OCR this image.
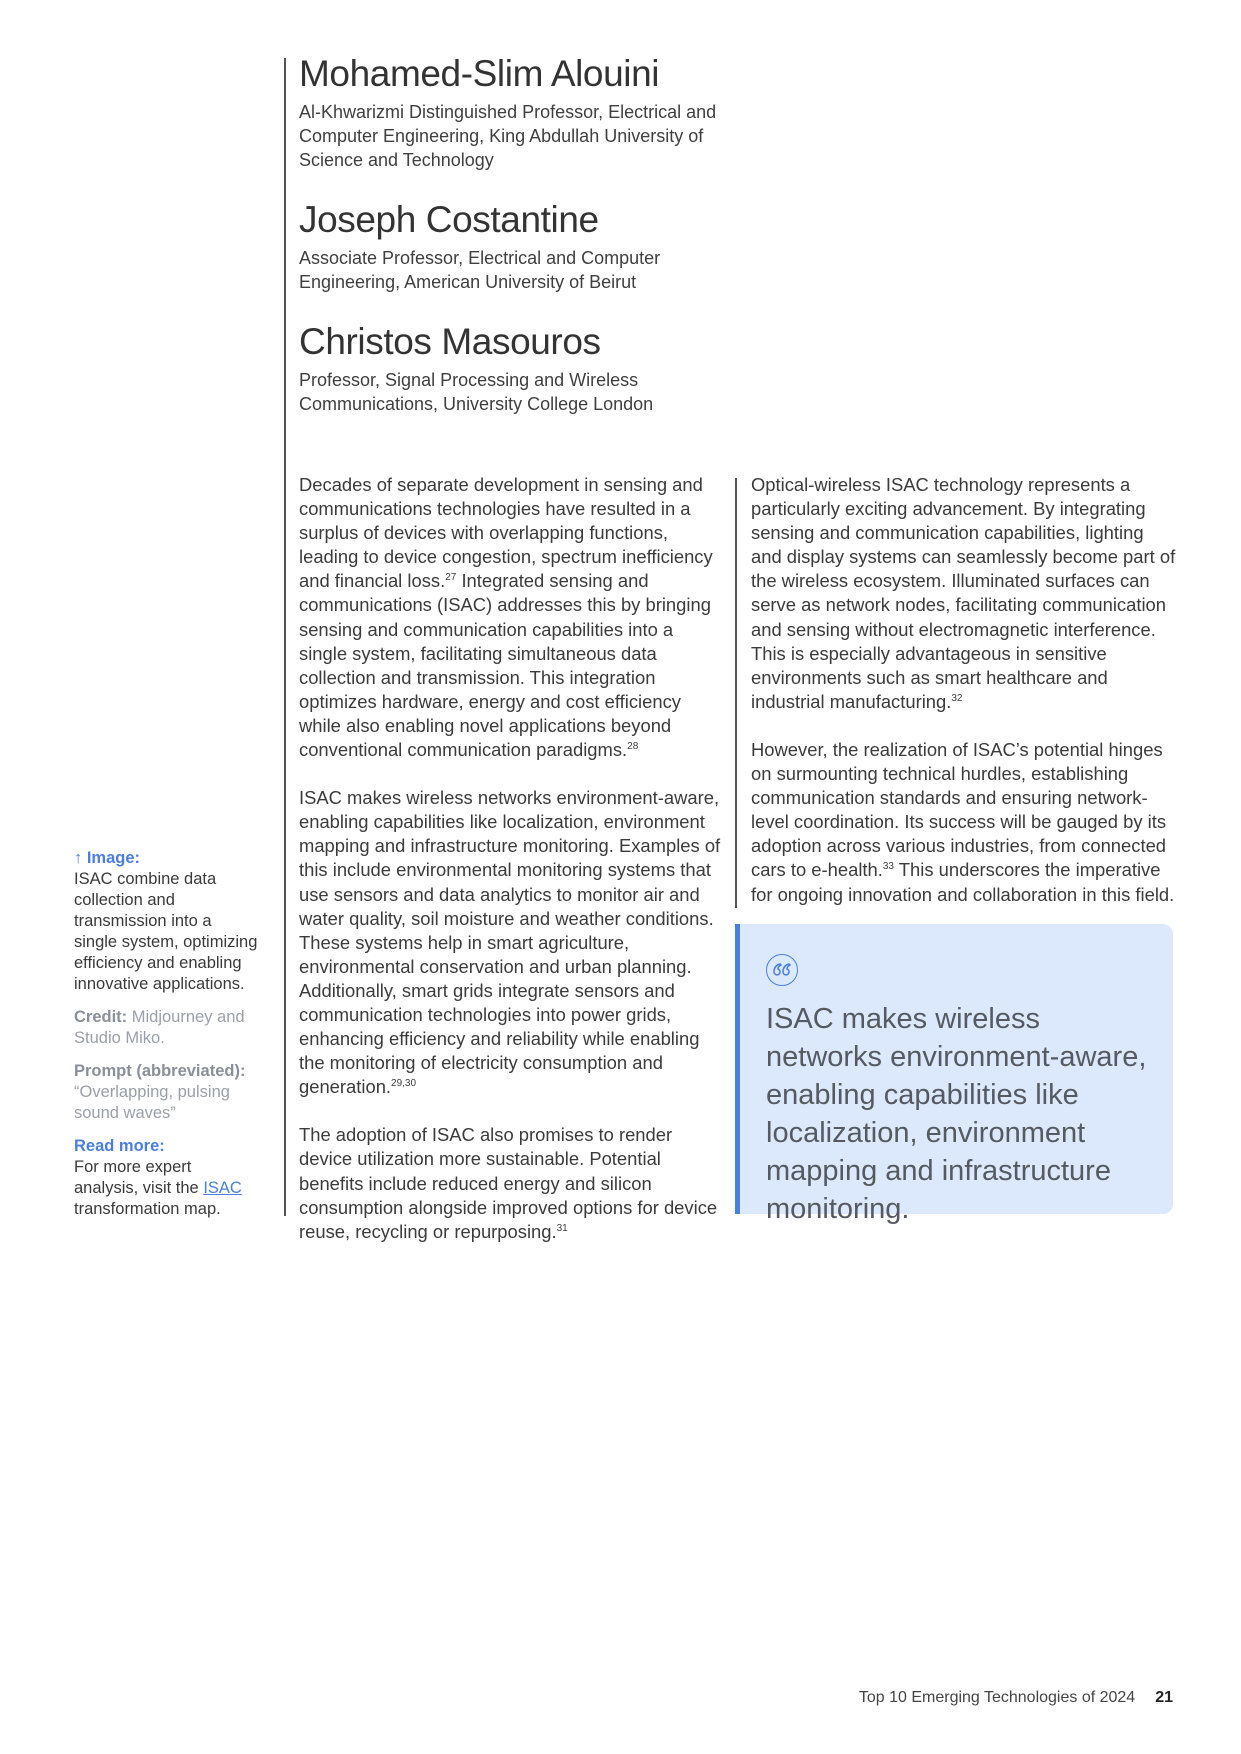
Mohamed-Slim Alouini
Al-Khwarizmi Distinguished Professor, Electrical and Computer Engineering, King Abdullah University of Science and Technology
Joseph Costantine
Associate Professor, Electrical and Computer Engineering, American University of Beirut
Christos Masouros
Professor, Signal Processing and Wireless Communications, University College London

Decades of separate development in sensing and communications technologies have resulted in a surplus of devices with overlapping functions, leading to device congestion, spectrum inefficiency and financial loss.$^{27}$ Integrated sensing and communications (ISAC) addresses this by bringing sensing and communication capabilities into a single system, facilitating simultaneous data collection and transmission. This integration optimizes hardware, energy and cost efficiency while also enabling novel applications beyond conventional communication paradigms.$^{28}$

ISAC makes wireless networks environment-aware, enabling capabilities like localization, environment mapping and infrastructure monitoring. Examples of this include environmental monitoring systems that use sensors and data analytics to monitor air and water quality, soil moisture and weather conditions. These systems help in smart agriculture, environmental conservation and urban planning. Additionally, smart grids integrate sensors and communication technologies into power grids, enhancing efficiency and reliability while enabling the monitoring of electricity consumption and generation.$^{29,30}$

The adoption of ISAC also promises to render device utilization more sustainable. Potential benefits include reduced energy and silicon consumption alongside improved options for device reuse, recycling or repurposing.$^{31}$

Optical-wireless ISAC technology represents a particularly exciting advancement. By integrating sensing and communication capabilities, lighting and display systems can seamlessly become part of the wireless ecosystem. Illuminated surfaces can serve as network nodes, facilitating communication and sensing without electromagnetic interference. This is especially advantageous in sensitive environments such as smart healthcare and industrial manufacturing.$^{32}$

However, the realization of ISAC’s potential hinges on surmounting technical hurdles, establishing communication standards and ensuring network-level coordination. Its success will be gauged by its adoption across various industries, from connected cars to e-health.$^{33}$ This underscores the imperative for ongoing innovation and collaboration in this field.

ISAC makes wireless networks environment-aware, enabling capabilities like localization, environment mapping and infrastructure monitoring.
↑ Image:
ISAC combine data collection and transmission into a single system, optimizing efficiency and enabling innovative applications.
Credit: Midjourney and Studio Miko.
Prompt (abbreviated):
“Overlapping, pulsing sound waves”
Read more:
For more expert analysis, visit the ISAC transformation map.
Top 10 Emerging Technologies of 2024 21
